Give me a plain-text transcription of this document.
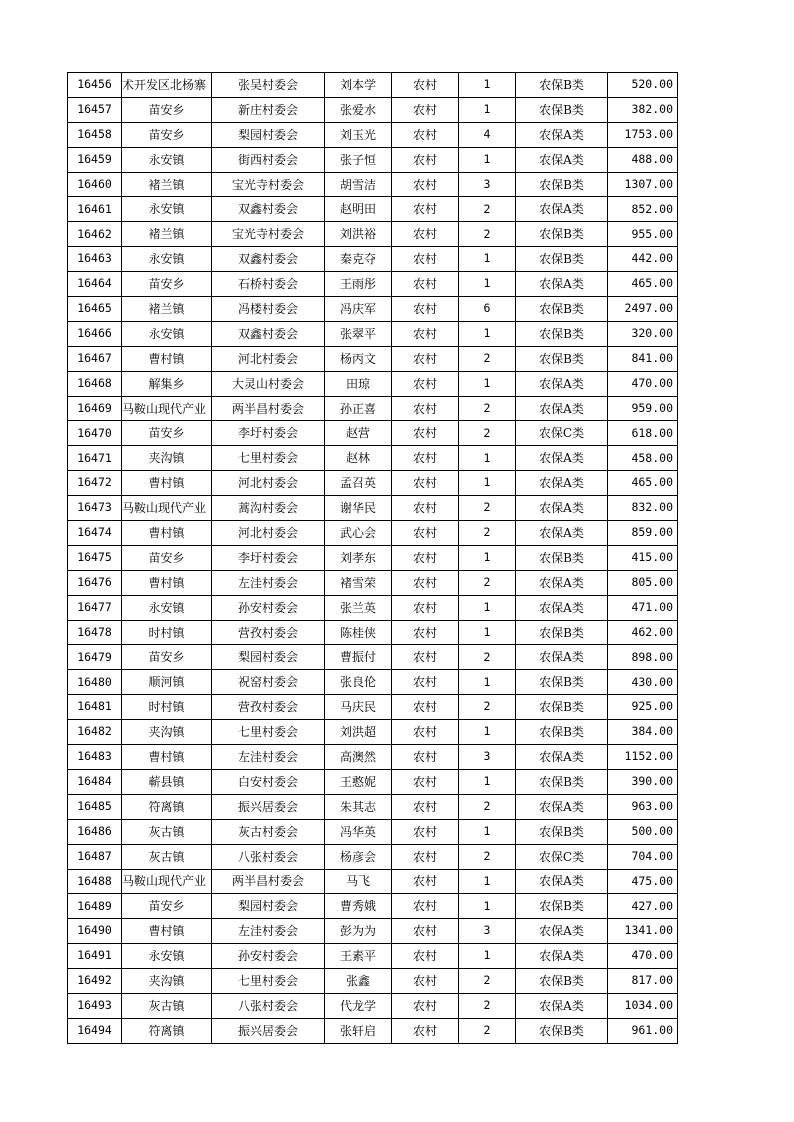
16456	术开发区北杨寨	张吴村委会	刘本学	农村	1	农保B类	520.00
16457	苗安乡	新庄村委会	张爱水	农村	1	农保B类	382.00
16458	苗安乡	梨园村委会	刘玉光	农村	4	农保A类	1753.00
16459	永安镇	街西村委会	张子恒	农村	1	农保A类	488.00
16460	褚兰镇	宝光寺村委会	胡雪洁	农村	3	农保B类	1307.00
16461	永安镇	双鑫村委会	赵明田	农村	2	农保A类	852.00
16462	褚兰镇	宝光寺村委会	刘洪裕	农村	2	农保B类	955.00
16463	永安镇	双鑫村委会	秦克夺	农村	1	农保B类	442.00
16464	苗安乡	石桥村委会	王雨彤	农村	1	农保A类	465.00
16465	褚兰镇	冯楼村委会	冯庆军	农村	6	农保B类	2497.00
16466	永安镇	双鑫村委会	张翠平	农村	1	农保B类	320.00
16467	曹村镇	河北村委会	杨丙文	农村	2	农保B类	841.00
16468	解集乡	大灵山村委会	田琼	农村	1	农保A类	470.00
16469	马鞍山现代产业	两半昌村委会	孙正喜	农村	2	农保A类	959.00
16470	苗安乡	李圩村委会	赵营	农村	2	农保C类	618.00
16471	夹沟镇	七里村委会	赵林	农村	1	农保A类	458.00
16472	曹村镇	河北村委会	孟召英	农村	1	农保A类	465.00
16473	马鞍山现代产业	蒿沟村委会	谢华民	农村	2	农保A类	832.00
16474	曹村镇	河北村委会	武心会	农村	2	农保A类	859.00
16475	苗安乡	李圩村委会	刘孝东	农村	1	农保B类	415.00
16476	曹村镇	左洼村委会	褚雪荣	农村	2	农保A类	805.00
16477	永安镇	孙安村委会	张兰英	农村	1	农保A类	471.00
16478	时村镇	营孜村委会	陈桂侠	农村	1	农保B类	462.00
16479	苗安乡	梨园村委会	曹振付	农村	2	农保A类	898.00
16480	顺河镇	祝窑村委会	张良伦	农村	1	农保B类	430.00
16481	时村镇	营孜村委会	马庆民	农村	2	农保B类	925.00
16482	夹沟镇	七里村委会	刘洪超	农村	1	农保B类	384.00
16483	曹村镇	左洼村委会	高澳然	农村	3	农保A类	1152.00
16484	蕲县镇	白安村委会	王憨妮	农村	1	农保B类	390.00
16485	符离镇	振兴居委会	朱其志	农村	2	农保A类	963.00
16486	灰古镇	灰古村委会	冯华英	农村	1	农保B类	500.00
16487	灰古镇	八张村委会	杨彦会	农村	2	农保C类	704.00
16488	马鞍山现代产业	两半昌村委会	马飞	农村	1	农保A类	475.00
16489	苗安乡	梨园村委会	曹秀娥	农村	1	农保B类	427.00
16490	曹村镇	左洼村委会	彭为为	农村	3	农保A类	1341.00
16491	永安镇	孙安村委会	王素平	农村	1	农保A类	470.00
16492	夹沟镇	七里村委会	张鑫	农村	2	农保B类	817.00
16493	灰古镇	八张村委会	代龙学	农村	2	农保A类	1034.00
16494	符离镇	振兴居委会	张轩启	农村	2	农保B类	961.00
